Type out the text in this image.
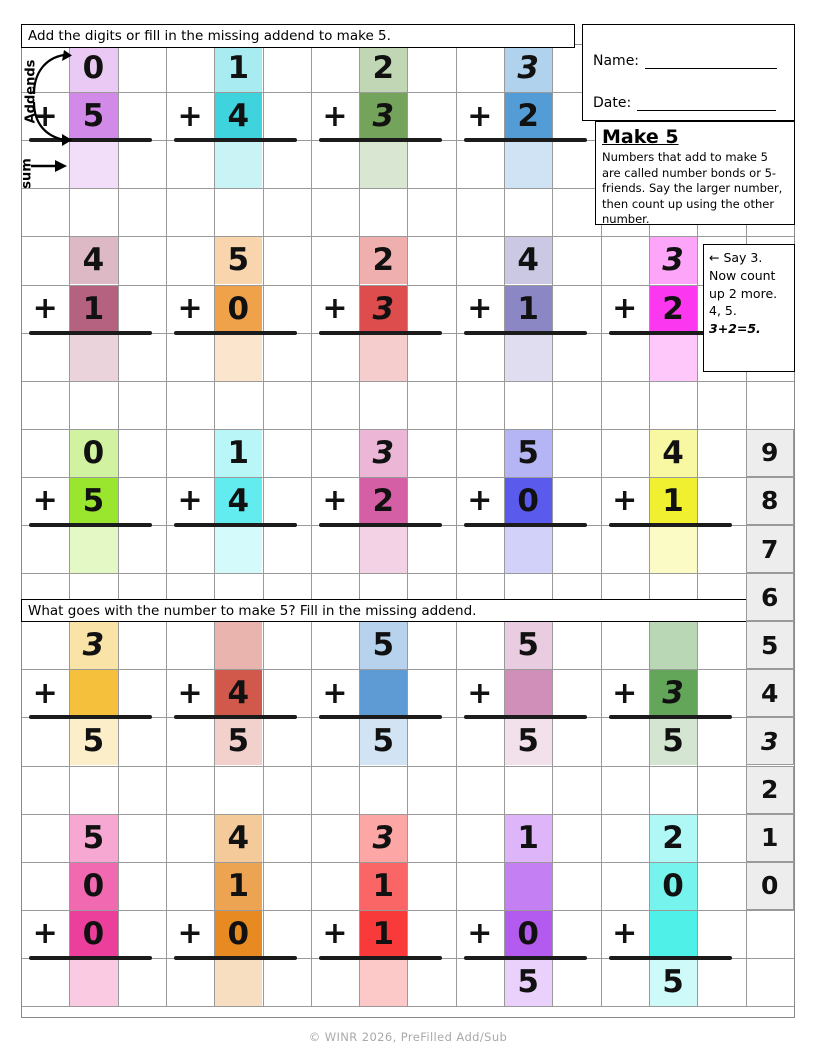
0
5
+
1
4
+
2
3
+
3
2
+
4
1
+
5
0
+
2
3
+
4
1
+
3
2
+
0
5
+
1
4
+
3
2
+
5
0
+
4
1
+
3
5
+	4
5
+
5
5
+
5
5
+	3
5
+
5
0
0
+
4
1
0
+
3
1
1
+
1
0
5
+
2
0
5
+
Add the digits or fill in the missing addend to make 5.
What goes with the number to make 5? Fill in the missing addend.
Name:

Date:

Make 5

Numbers that add to make 5 are called number bonds or 5-friends. Say the larger number, then count up using the other number.

← Say 3.
Now count
up 2 more.
4, 5.
3+2=5.
Addends
sum
9
8
7
6
5
4
3
2
1
0
© WINR 2026, PreFilled Add/Sub
